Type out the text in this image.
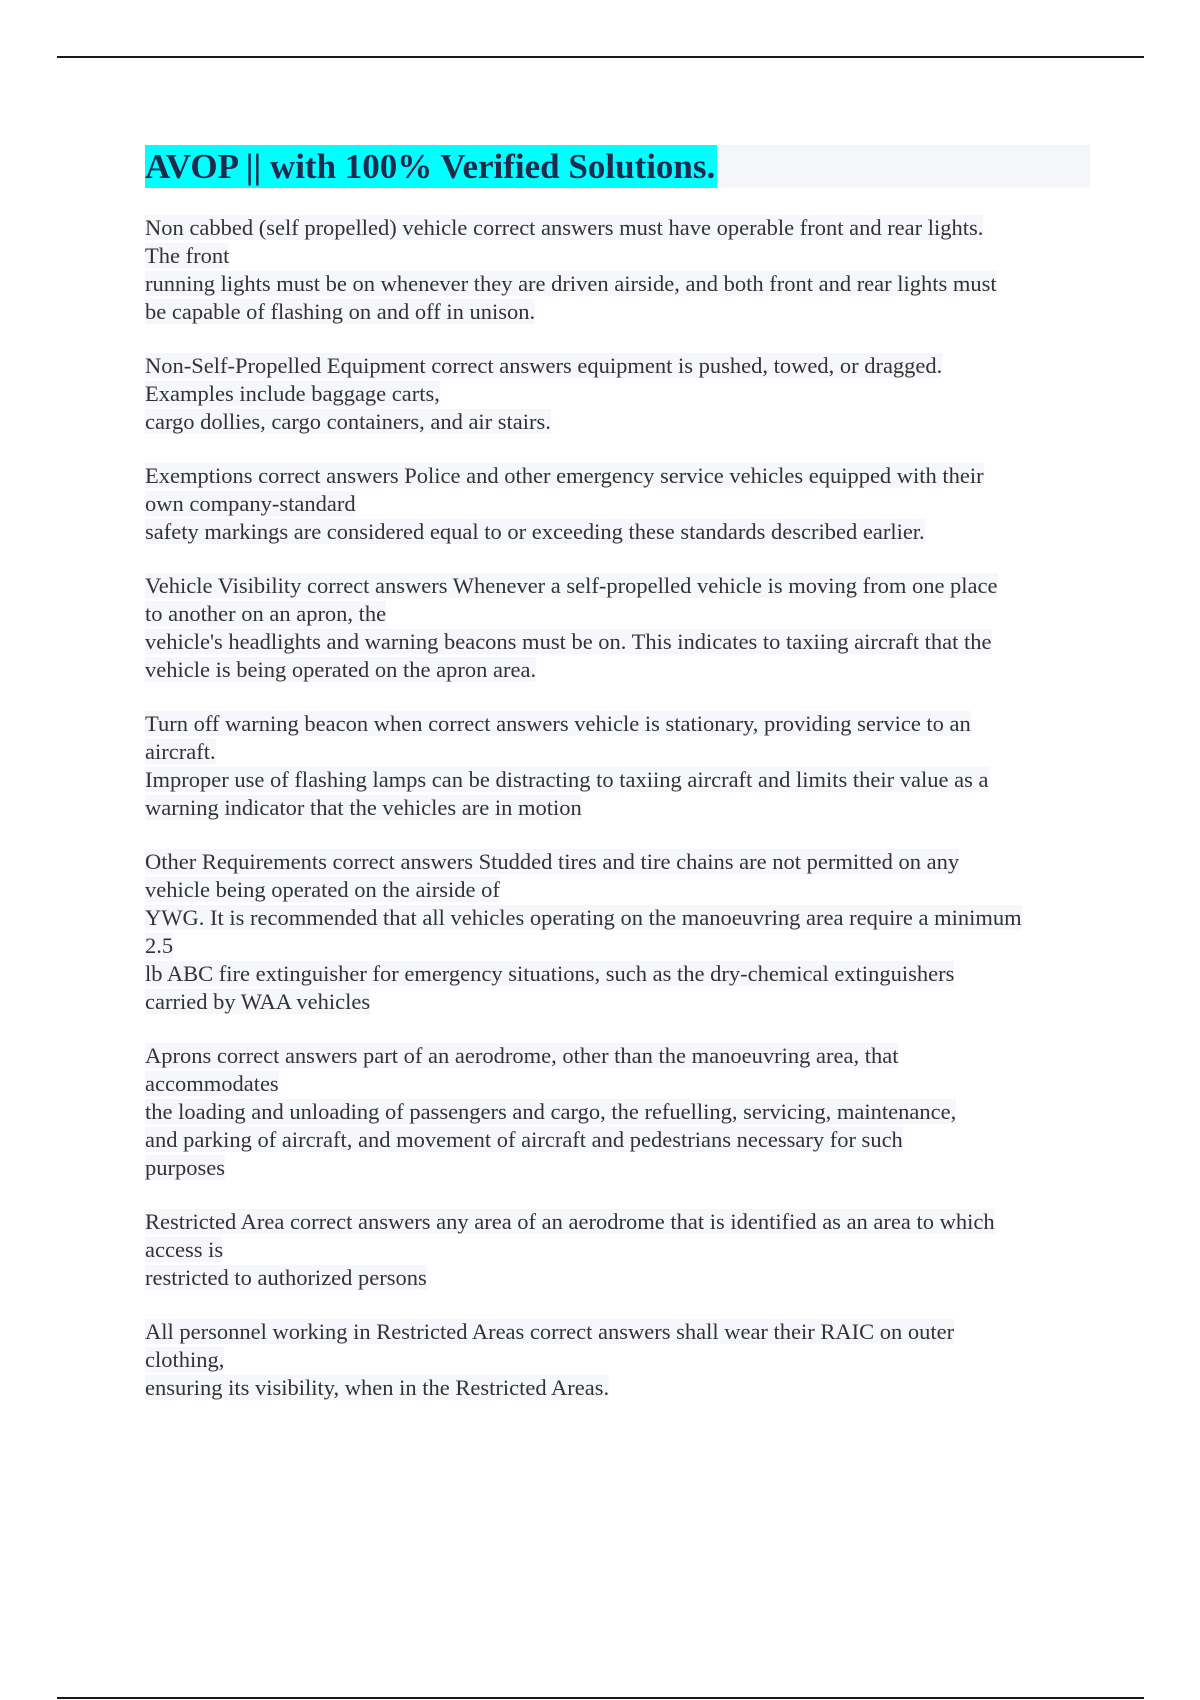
AVOP || with 100% Verified Solutions.
Non cabbed (self propelled) vehicle correct answers must have operable front and rear lights.
The front
running lights must be on whenever they are driven airside, and both front and rear lights must
be capable of flashing on and off in unison.
Non-Self-Propelled Equipment correct answers equipment is pushed, towed, or dragged.
Examples include baggage carts,
cargo dollies, cargo containers, and air stairs.
Exemptions correct answers Police and other emergency service vehicles equipped with their
own company-standard
safety markings are considered equal to or exceeding these standards described earlier.
Vehicle Visibility correct answers Whenever a self-propelled vehicle is moving from one place
to another on an apron, the
vehicle's headlights and warning beacons must be on. This indicates to taxiing aircraft that the
vehicle is being operated on the apron area.
Turn off warning beacon when correct answers vehicle is stationary, providing service to an
aircraft.
Improper use of flashing lamps can be distracting to taxiing aircraft and limits their value as a
warning indicator that the vehicles are in motion
Other Requirements correct answers Studded tires and tire chains are not permitted on any
vehicle being operated on the airside of
YWG. It is recommended that all vehicles operating on the manoeuvring area require a minimum
2.5
lb ABC fire extinguisher for emergency situations, such as the dry-chemical extinguishers
carried by WAA vehicles
Aprons correct answers part of an aerodrome, other than the manoeuvring area, that
accommodates
the loading and unloading of passengers and cargo, the refuelling, servicing, maintenance,
and parking of aircraft, and movement of aircraft and pedestrians necessary for such
purposes
Restricted Area correct answers any area of an aerodrome that is identified as an area to which
access is
restricted to authorized persons
All personnel working in Restricted Areas correct answers shall wear their RAIC on outer
clothing,
ensuring its visibility, when in the Restricted Areas.
